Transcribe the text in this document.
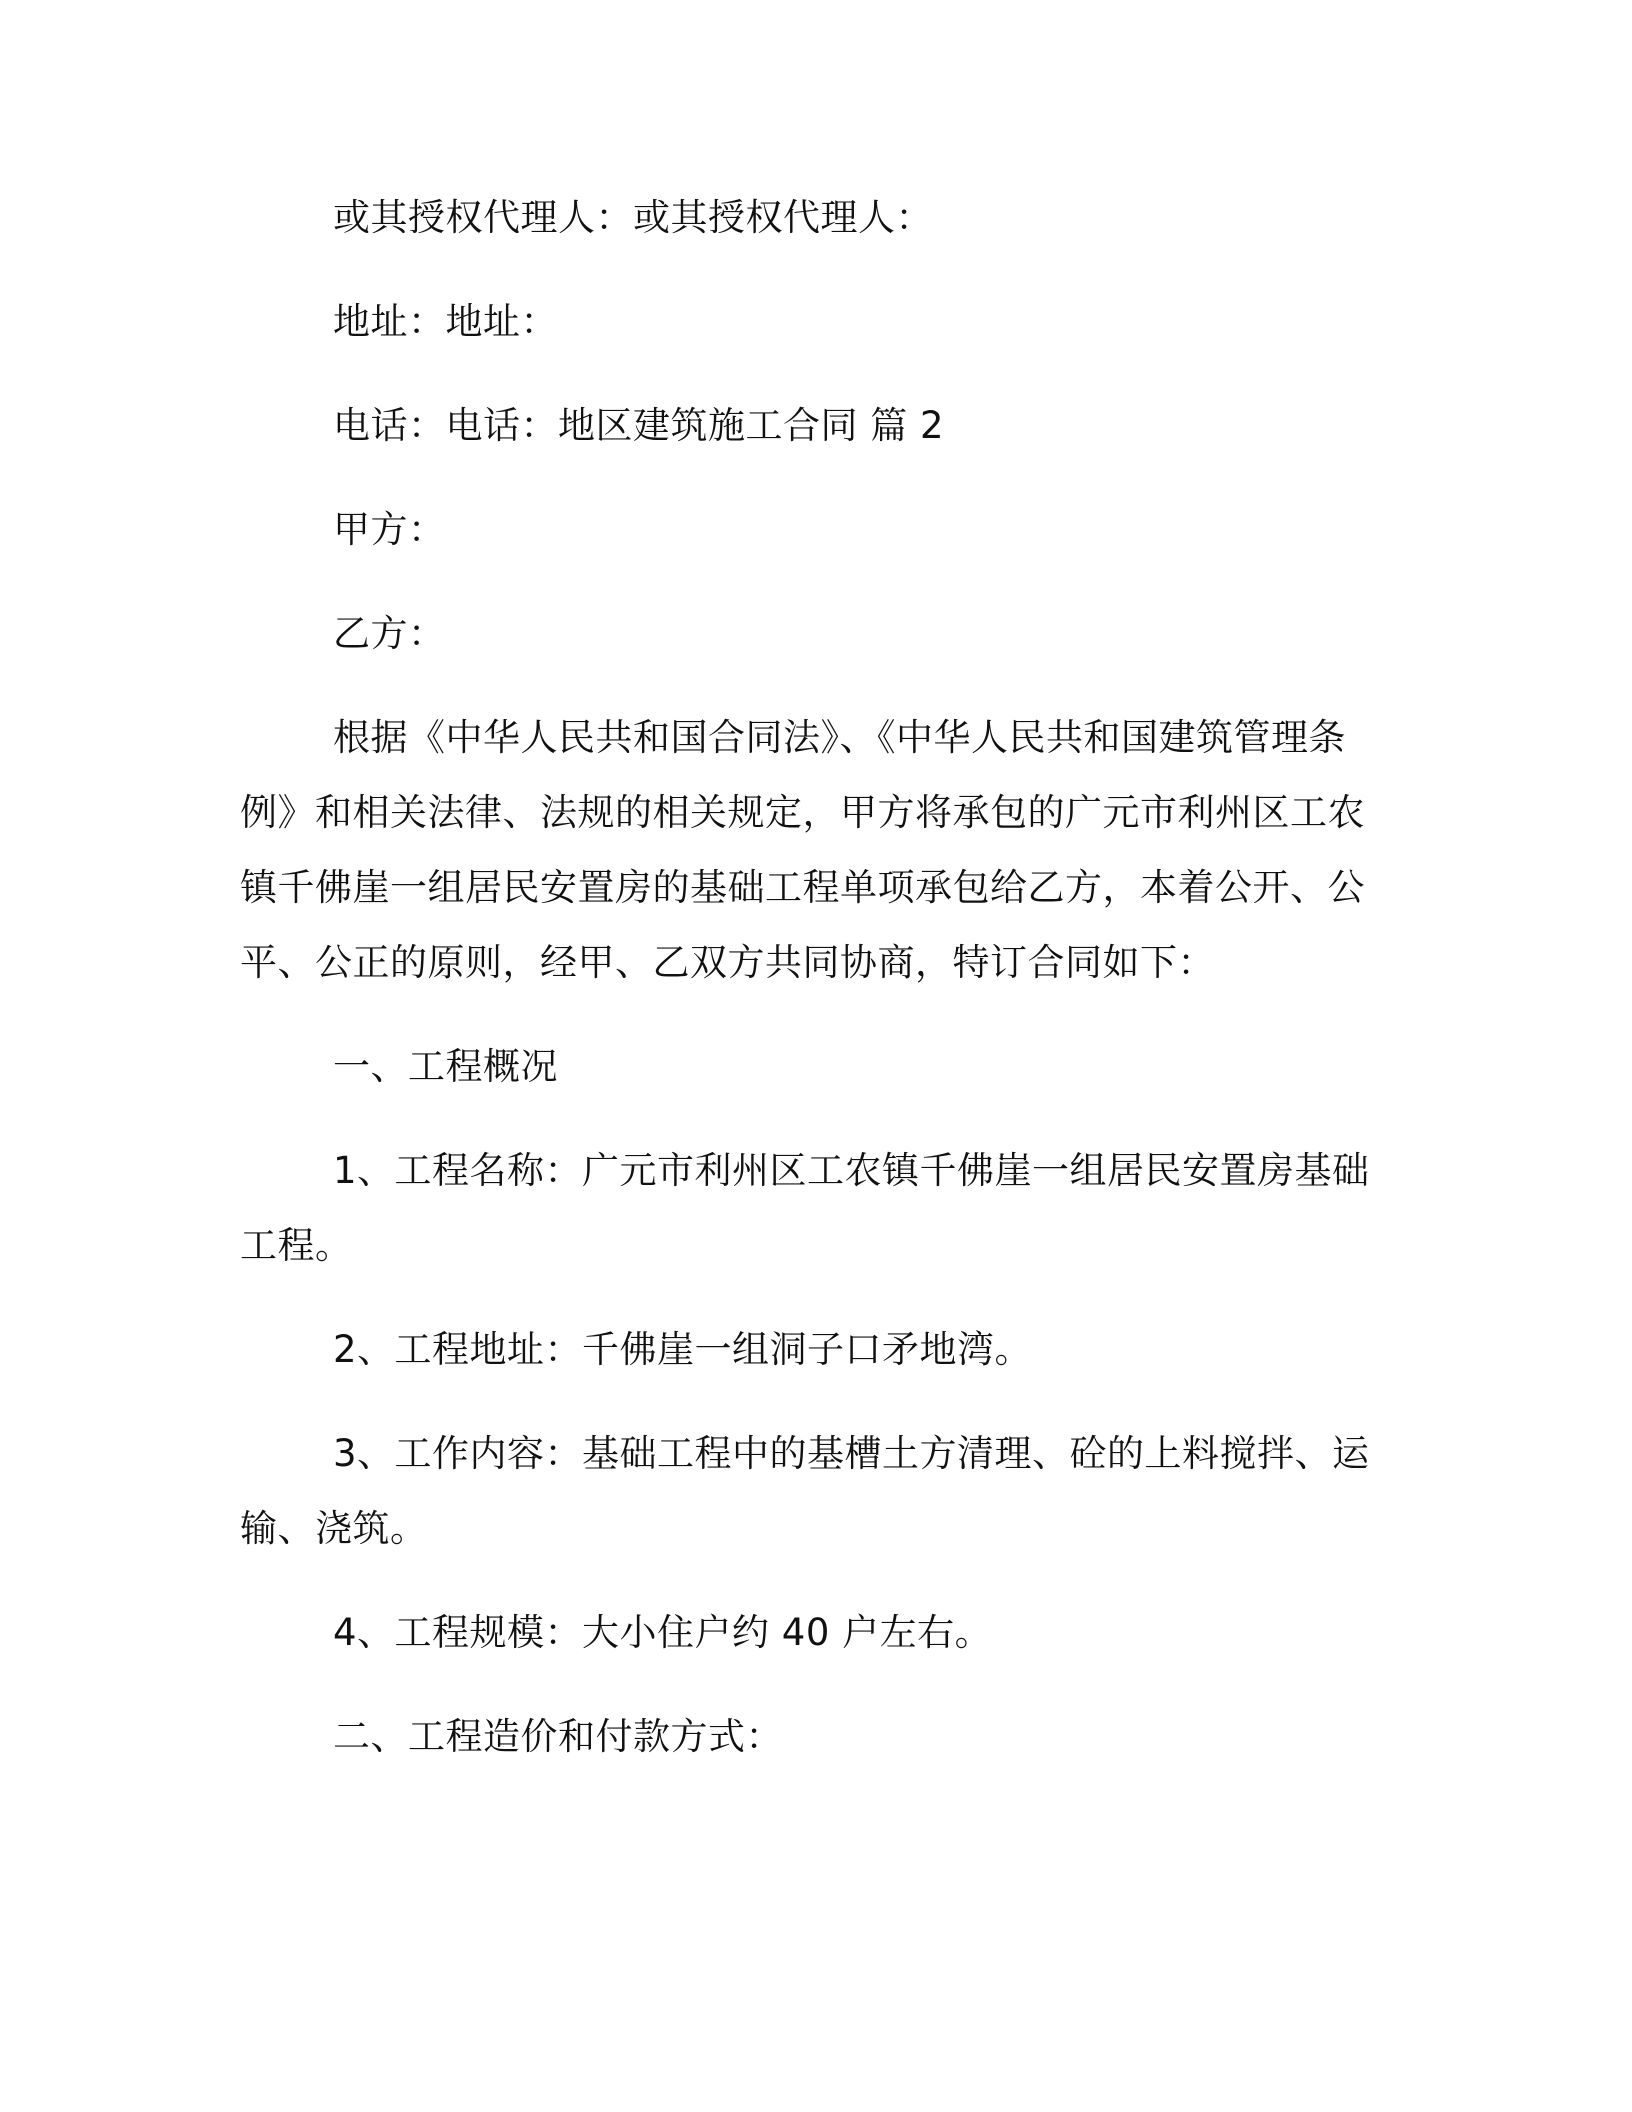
或其授权代理人：或其授权代理人：

地址：地址：

电话：电话：地区建筑施工合同 篇 2

甲方：

乙方：

根据《中华人民共和国合同法》、《中华人民共和国建筑管理条例》和相关法律、法规的相关规定，甲方将承包的广元市利州区工农镇千佛崖一组居民安置房的基础工程单项承包给乙方，本着公开、公平、公正的原则，经甲、乙双方共同协商，特订合同如下：

一、工程概况

1、工程名称：广元市利州区工农镇千佛崖一组居民安置房基础工程。

2、工程地址：千佛崖一组洞子口矛地湾。

3、工作内容：基础工程中的基槽土方清理、砼的上料搅拌、运输、浇筑。

4、工程规模：大小住户约 40 户左右。

二、工程造价和付款方式：
